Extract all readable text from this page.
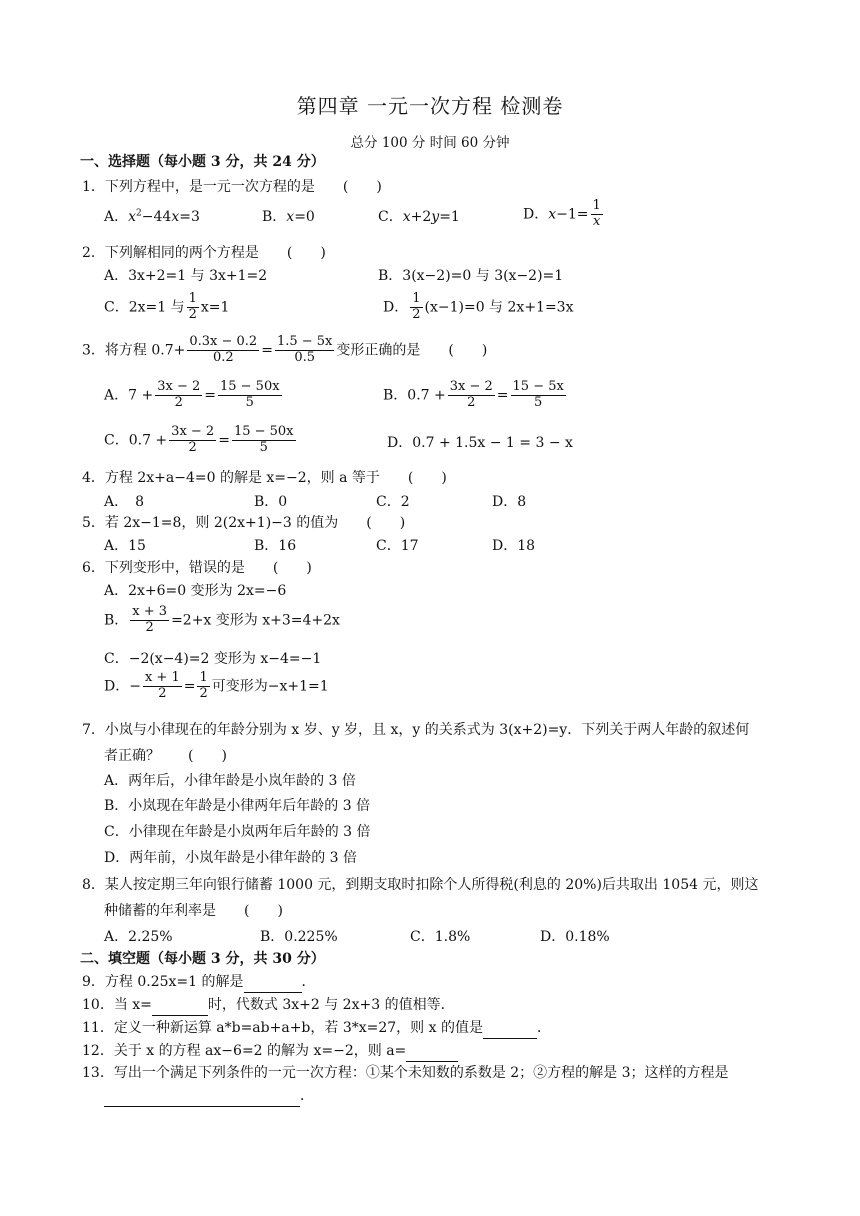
第四章 一元一次方程 检测卷
总分 100 分 时间 60 分钟
一、选择题（每小题 3 分，共 24 分）
1．下列方程中，是一元一次方程的是　　(　　)
A．$x^2-44x=3$	B．x=0	C．x+2y=1	D．$x-1= \frac{1}{x}$
2．下列解相同的两个方程是　　(　　)
A．3x+2=1 与 3x+1=2	B．3(x−2)=0 与 3(x−2)=1
C．2x=1 与 $\frac{1}{2} x=1$	D． $\frac{1}{2} (x-1)=0$ 与 2x+1=3x
3．将方程 $0.7+ \frac{0.3x - 0.2}{0.2} = \frac{1.5 - 5x}{0.5}$ 变形正确的是　　(　　)
A．$7 + \frac{3x - 2}{2} = \frac{15 - 50x}{5}$	B．$0.7 + \frac{3x - 2}{2} = \frac{15 - 5x}{5}$
C．$0.7 + \frac{3x - 2}{2} = \frac{15 - 50x}{5}$	D．0.7 + 1.5x − 1 = 3 − x
4．方程 2x+a−4=0 的解是 x=−2，则 a 等于　　(　　)
A．　8	B．0	C．2	D．8
5．若 2x−1=8，则 2(2x+1)−3 的值为　　(　　)
A．15	B．16	C．17	D．18
6．下列变形中，错误的是　　(　　)
A．2x+6=0 变形为 2x=−6
B． $\frac{x + 3}{2} =2+x$ 变形为 x+3=4+2x
C．−2(x−4)=2 变形为 x−4=−1
D．− $\frac{x + 1}{2} = \frac{1}{2}$ 可变形为−x+1=1
7．小岚与小律现在的年龄分别为 x 岁、y 岁，且 x，y 的关系式为 3(x+2)=y．下列关于两人年龄的叙述何
者正确？　　(　　)
A．两年后，小律年龄是小岚年龄的 3 倍
B．小岚现在年龄是小律两年后年龄的 3 倍
C．小律现在年龄是小岚两年后年龄的 3 倍
D．两年前，小岚年龄是小律年龄的 3 倍
8．某人按定期三年向银行储蓄 1000 元，到期支取时扣除个人所得税(利息的 20%)后共取出 1054 元，则这
种储蓄的年利率是　　(　　)
A．2.25%	B．0.225%	C．1.8%	D．0.18%
二、填空题（每小题 3 分，共 30 分）
9．方程 0.25x=1 的解是	．
10．当 x=	时，代数式 3x+2 与 2x+3 的值相等．
11．定义一种新运算 a*b=ab+a+b，若 3*x=27，则 x 的值是	．
12．关于 x 的方程 ax−6=2 的解为 x=−2，则 a=
13．写出一个满足下列条件的一元一次方程：①某个未知数的系数是 2；②方程的解是 3；这样的方程是
．
